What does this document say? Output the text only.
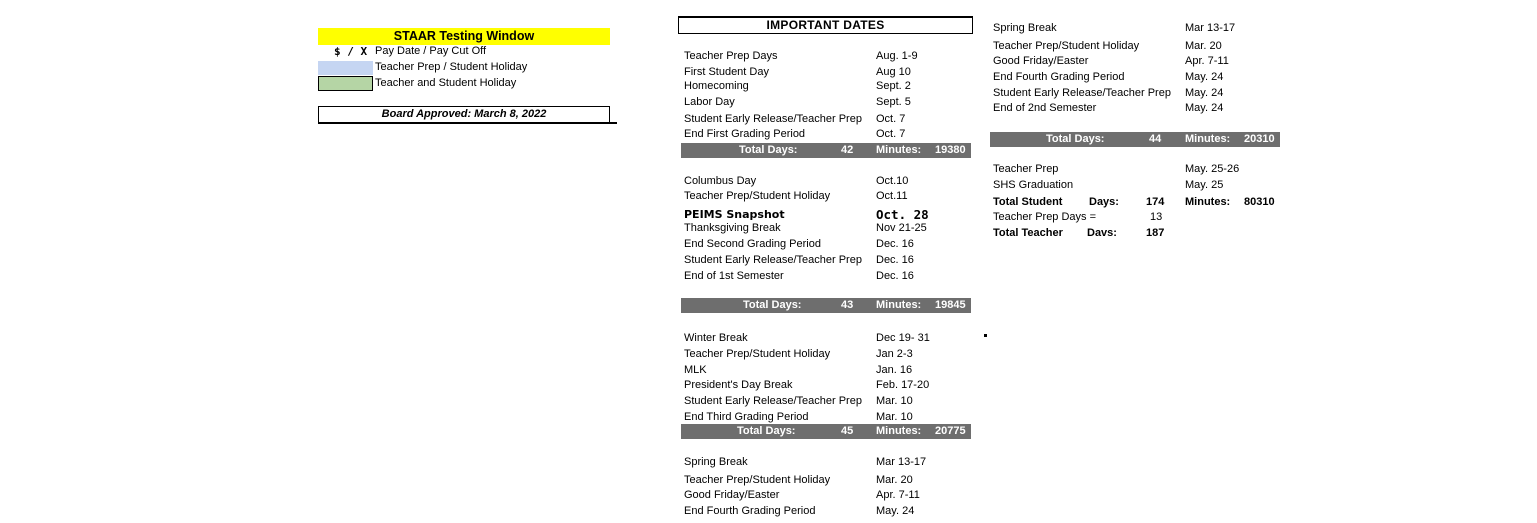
STAAR Testing Window
$ / X Pay Date / Pay Cut Off
Teacher Prep / Student Holiday
Teacher and Student Holiday
Board Approved: March 8, 2022
IMPORTANT DATES
Teacher Prep Days	Aug. 1-9
First Student Day	Aug 10
Homecoming	Sept. 2
Labor Day	Sept. 5
Student Early Release/Teacher Prep Oct. 7
End First Grading Period	Oct. 7
Total Days:	42 Minutes: 19380
Columbus Day	Oct.10
Teacher Prep/Student Holiday	Oct.11
PEIMS Snapshot	Oct. 28
Thanksgiving Break	Nov 21-25
End Second Grading Period	Dec. 16
Student Early Release/Teacher Prep Dec. 16
End of 1st Semester	Dec. 16
Total Days:	43 Minutes: 19845
Winter Break	Dec 19- 31
Teacher Prep/Student Holiday	Jan 2-3
MLK	Jan. 16
President's Day Break	Feb. 17-20
Student Early Release/Teacher Prep Mar. 10
End Third Grading Period	Mar. 10
Total Days:	45 Minutes: 20775
Spring Break	Mar 13-17
Teacher Prep/Student Holiday	Mar. 20
Good Friday/Easter	Apr. 7-11
End Fourth Grading Period	May. 24
Spring Break	Mar 13-17
Teacher Prep/Student Holiday	Mar. 20
Good Friday/Easter	Apr. 7-11
End Fourth Grading Period	May. 24
Student Early Release/Teacher Prep May. 24
End of 2nd Semester	May. 24
Total Days:	44 Minutes: 20310
Teacher Prep	May. 25-26
SHS Graduation	May. 25
Total Student Days: 174 Minutes: 80310
Teacher Prep Days =	13
Total Teacher Davs:	187
